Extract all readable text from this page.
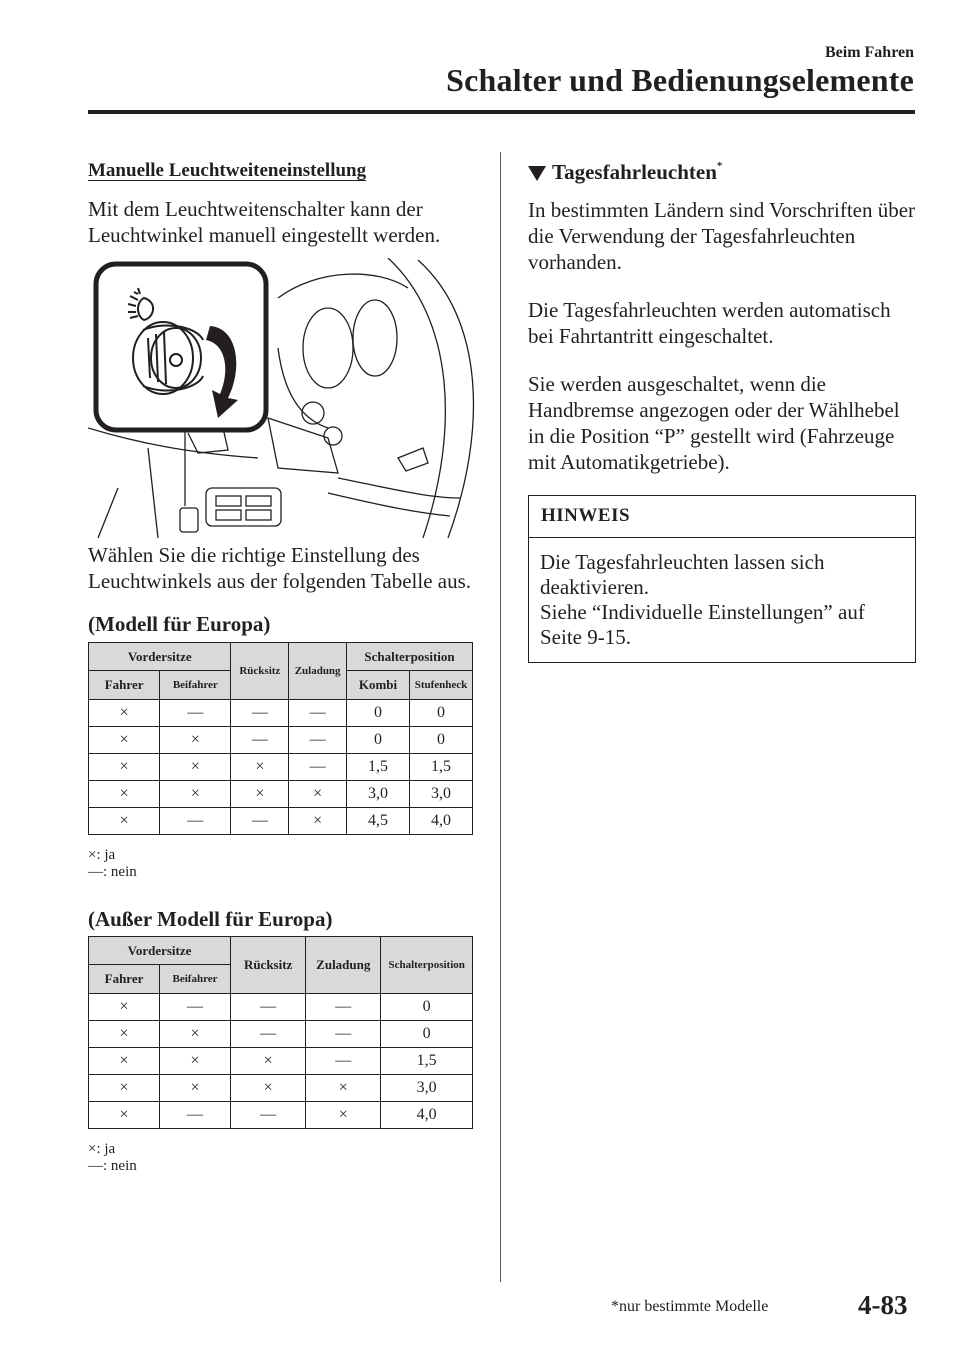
Beim Fahren
Schalter und Bedienungselemente

Manuelle Leuchtweiteneinstellung

Mit dem Leuchtweitenschalter kann der Leuchtwinkel manuell eingestellt werden.

Wählen Sie die richtige Einstellung des Leuchtwinkels aus der folgenden Tabelle aus.

(Modell für Europa)

Vordersitze		Rücksitz	Zuladung	Schalterposition	
Fahrer	Beifahrer			Kombi	Stufenheck
×	—	—	—	0	0
×	×	—	—	0	0
×	×	×	—	1,5	1,5
×	×	×	×	3,0	3,0
×	—	—	×	4,5	4,0

×: ja

—: nein

(Außer Modell für Europa)

Vordersitze		Rücksitz	Zuladung	Schalterposition
Fahrer	Beifahrer			
×	—	—	—	0
×	×	—	—	0
×	×	×	—	1,5
×	×	×	×	3,0
×	—	—	×	4,0

×: ja

—: nein

Tagesfahrleuchten*

In bestimmten Ländern sind Vorschriften über die Verwendung der Tagesfahrleuchten vorhanden.

Die Tagesfahrleuchten werden automatisch bei Fahrtantritt eingeschaltet.

Sie werden ausgeschaltet, wenn die Handbremse angezogen oder der Wählhebel in die Position “P” gestellt wird (Fahrzeuge mit Automatikgetriebe).

HINWEIS
Die Tagesfahrleuchten lassen sich deaktivieren.
Siehe “Individuelle Einstellungen” auf Seite 9-15.
*nur bestimmte Modelle	4-83
